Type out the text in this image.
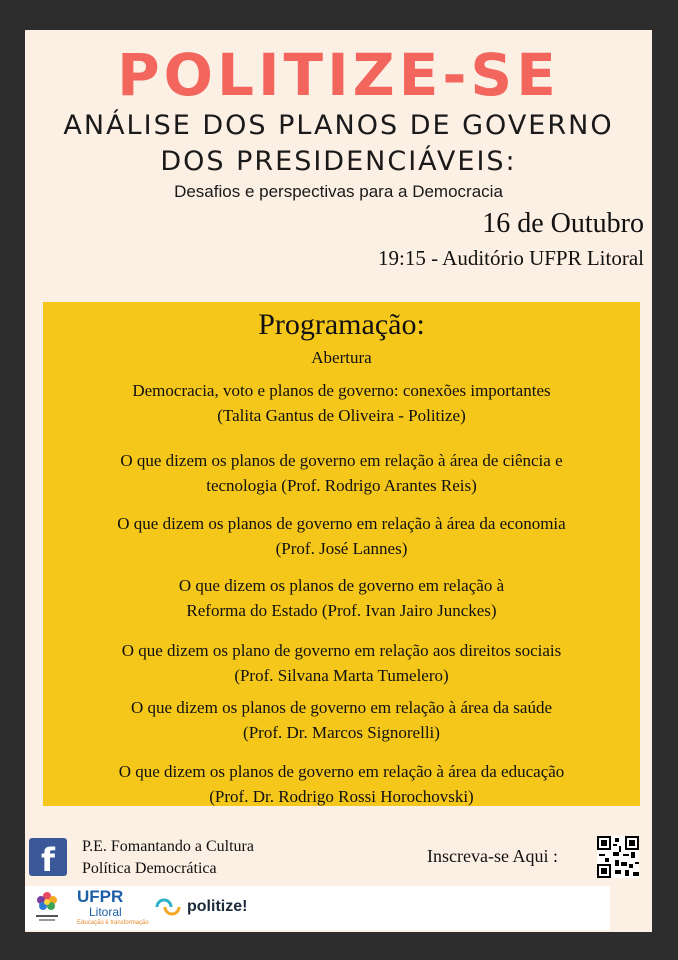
POLITIZE-SE
ANÁLISE DOS PLANOS DE GOVERNO
DOS PRESIDENCIÁVEIS:
Desafios e perspectivas para a Democracia
16 de Outubro
19:15 - Auditório UFPR Litoral
Programação:
Abertura
Democracia, voto e planos de governo: conexões importantes
(Talita Gantus de Oliveira - Politize)
O que dizem os planos de governo em relação à área de ciência e
tecnologia (Prof. Rodrigo Arantes Reis)
O que dizem os planos de governo em relação à área da economia
(Prof. José Lannes)
O que dizem os planos de governo em relação à
Reforma do Estado (Prof. Ivan Jairo Junckes)
O que dizem os plano de governo em relação aos direitos sociais
(Prof. Silvana Marta Tumelero)
O que dizem os planos de governo em relação à área da saúde
(Prof. Dr. Marcos Signorelli)
O que dizem os planos de governo em relação à área da educação
(Prof. Dr. Rodrigo Rossi Horochovski)
f	P.E. Fomantando a Cultura
Política Democrática
Inscreva-se Aqui :
UFPR
Litoral
Educação é transformação
politize!
